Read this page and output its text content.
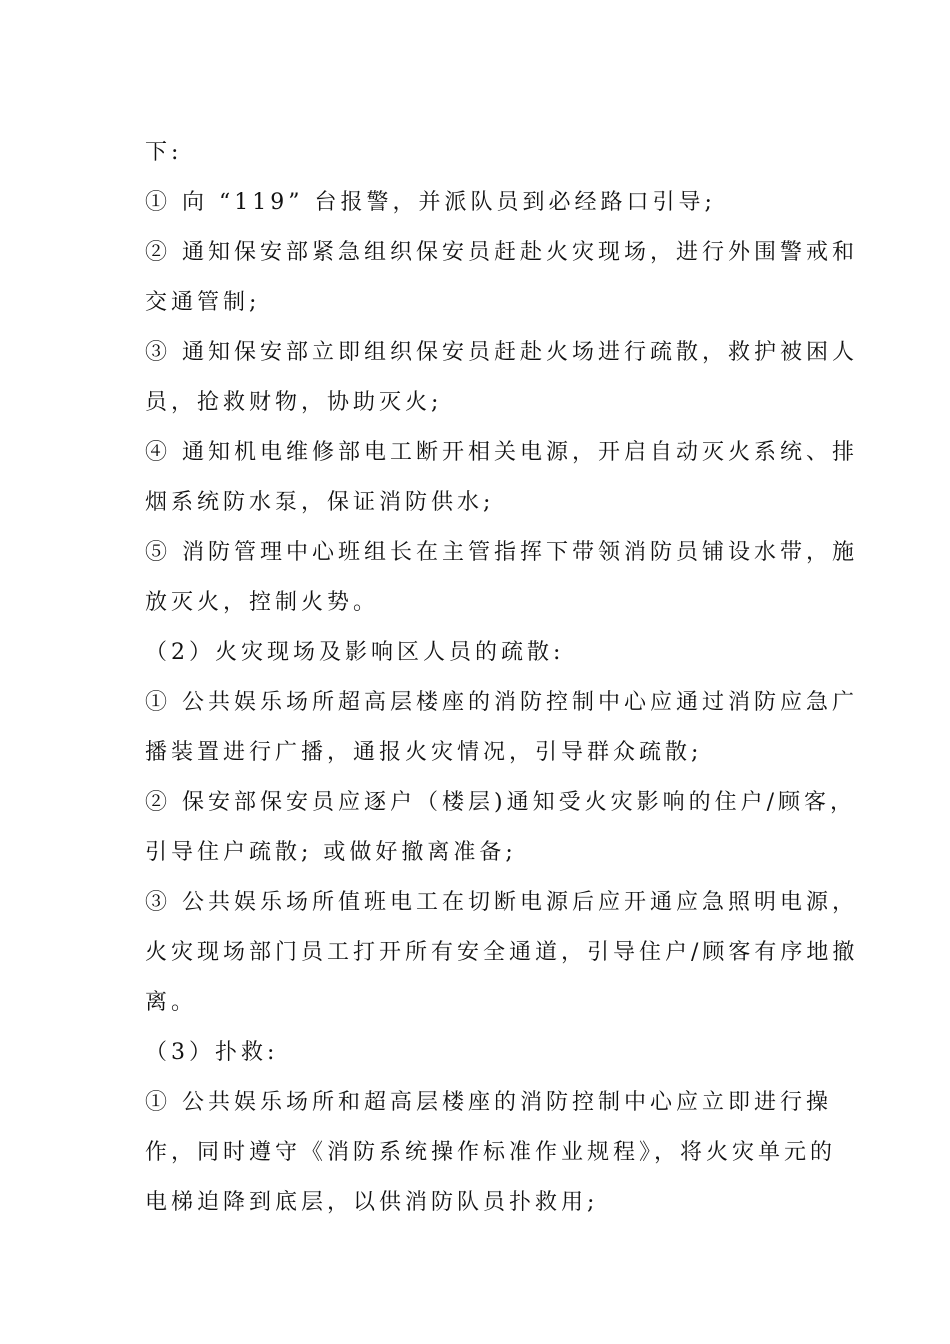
下:
① 向 “119” 台报警，并派队员到必经路口引导;
② 通知保安部紧急组织保安员赶赴火灾现场，进行外围警戒和
交通管制;
③ 通知保安部立即组织保安员赶赴火场进行疏散，救护被困人
员，抢救财物，协助灭火;
④ 通知机电维修部电工断开相关电源，开启自动灭火系统、排
烟系统防水泵，保证消防供水;
⑤ 消防管理中心班组长在主管指挥下带领消防员铺设水带，施
放灭火，控制火势。
（2）火灾现场及影响区人员的疏散:
① 公共娱乐场所超高层楼座的消防控制中心应通过消防应急广
播装置进行广播，通报火灾情况，引导群众疏散;
② 保安部保安员应逐户（楼层)通知受火灾影响的住户/顾客，
引导住户疏散; 或做好撤离准备;
③ 公共娱乐场所值班电工在切断电源后应开通应急照明电源，
火灾现场部门员工打开所有安全通道，引导住户/顾客有序地撤
离。
（3）扑救:
① 公共娱乐场所和超高层楼座的消防控制中心应立即进行操
作，同时遵守《消防系统操作标准作业规程》，将火灾单元的
电梯迫降到底层，以供消防队员扑救用;
